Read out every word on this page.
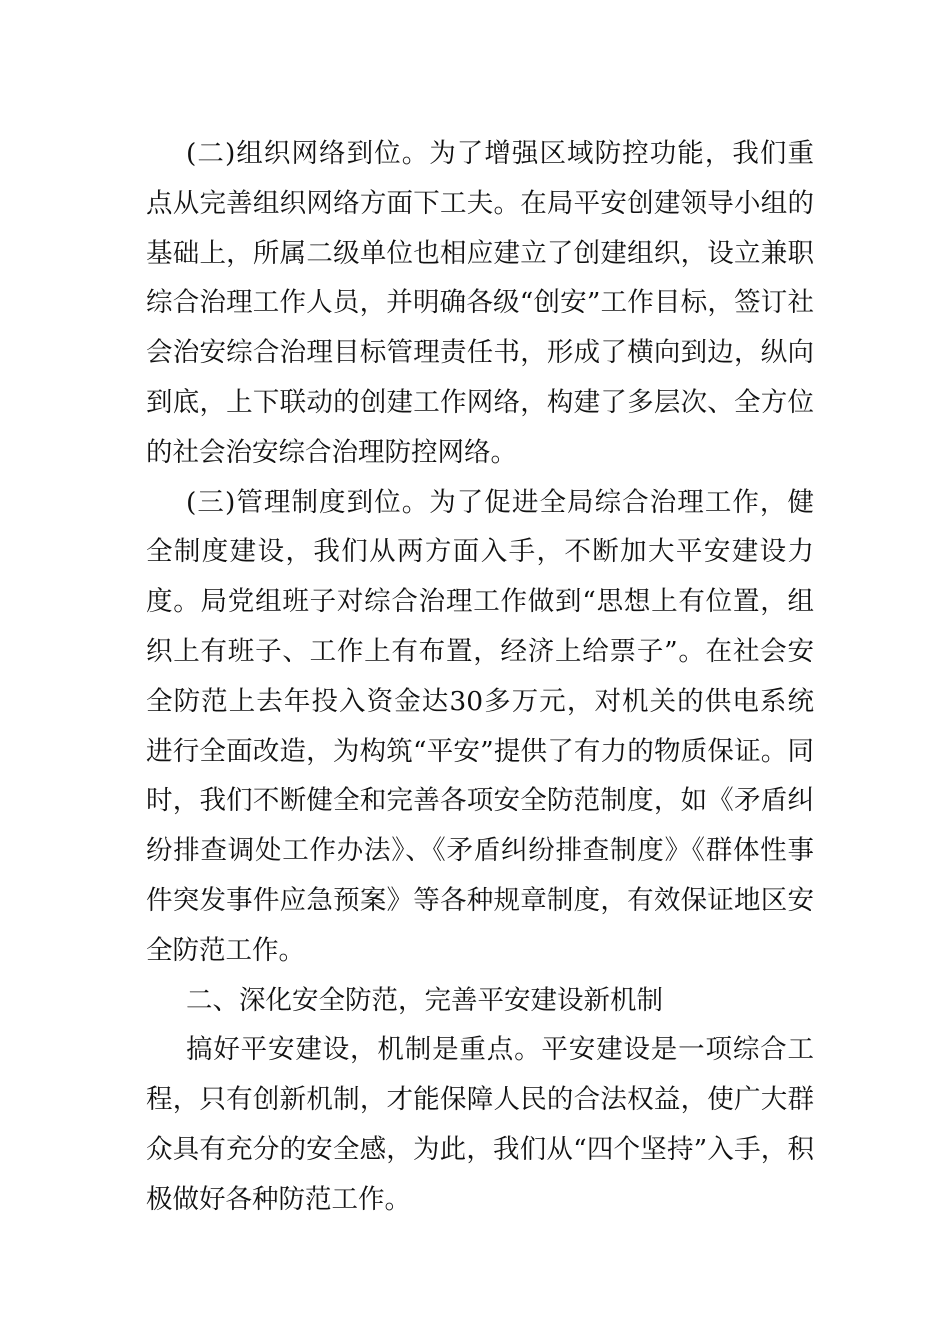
(二)组织网络到位。为了增强区域防控功能，我们重点从完善组织网络方面下工夫。在局平安创建领导小组的基础上，所属二级单位也相应建立了创建组织，设立兼职综合治理工作人员，并明确各级“创安”工作目标，签订社会治安综合治理目标管理责任书，形成了横向到边，纵向到底，上下联动的创建工作网络，构建了多层次、全方位的社会治安综合治理防控网络。

(三)管理制度到位。为了促进全局综合治理工作，健全制度建设，我们从两方面入手，不断加大平安建设力度。局党组班子对综合治理工作做到“思想上有位置，组织上有班子、工作上有布置，经济上给票子”。在社会安全防范上去年投入资金达30多万元，对机关的供电系统进行全面改造，为构筑“平安”提供了有力的物质保证。同时，我们不断健全和完善各项安全防范制度，如《矛盾纠纷排查调处工作办法》、《矛盾纠纷排查制度》《群体性事件突发事件应急预案》等各种规章制度，有效保证地区安全防范工作。

二、深化安全防范，完善平安建设新机制

搞好平安建设，机制是重点。平安建设是一项综合工程，只有创新机制，才能保障人民的合法权益，使广大群众具有充分的安全感，为此，我们从“四个坚持”入手，积极做好各种防范工作。
